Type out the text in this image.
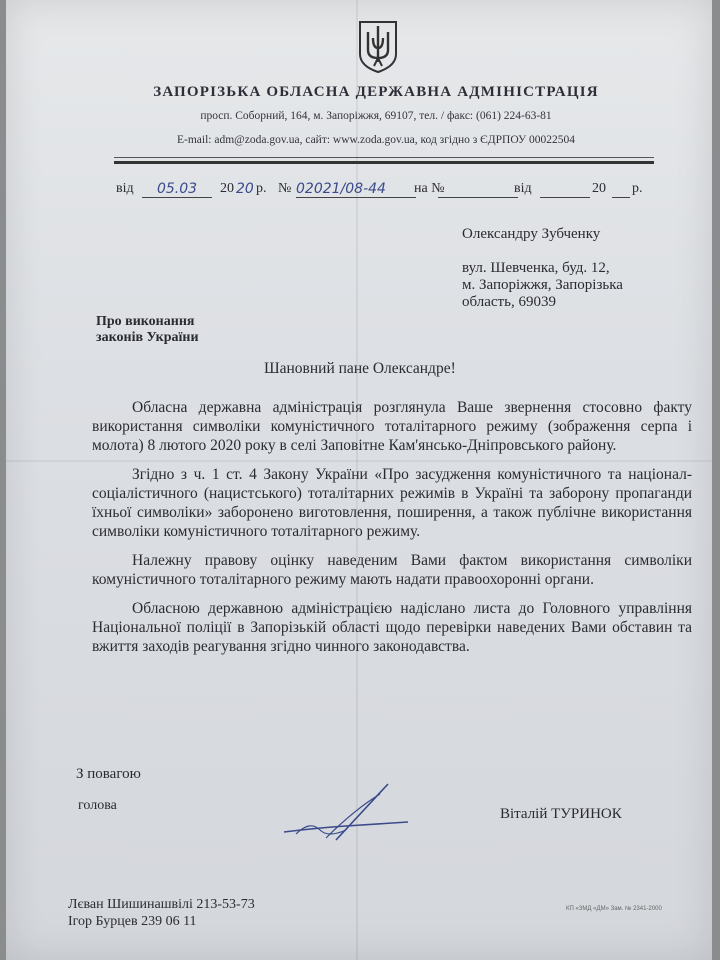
ЗАПОРІЗЬКА ОБЛАСНА ДЕРЖАВНА АДМІНІСТРАЦІЯ
просп. Соборний, 164, м. Запоріжжя, 69107, тел. / факс: (061) 224-63-81
E-mail: adm@zoda.gov.ua, сайт: www.zoda.gov.ua, код згідно з ЄДРПОУ 00022504
від	05.03	20 20 р. № 02021/08-44	на №	від	20 р.
Олександру Зубченку
вул. Шевченка, буд. 12,
м. Запоріжжя, Запорізька
область, 69039
Про виконання
законів України
Шановний пане Олександре!

Обласна державна адміністрація розглянула Ваше звернення стосовно факту використання символіки комуністичного тоталітарного режиму (зображення серпа і молота) 8 лютого 2020 року в селі Заповітне Кам'янсько-Дніпровського району.

Згідно з ч. 1 ст. 4 Закону України «Про засудження комуністичного та націонал-соціалістичного (нацистського) тоталітарних режимів в Україні та заборону пропаганди їхньої символіки» заборонено виготовлення, поширення, а також публічне використання символіки комуністичного тоталітарного режиму.

Належну правову оцінку наведеним Вами фактом використання символіки комуністичного тоталітарного режиму мають надати правоохоронні органи.

Обласною державною адміністрацією надіслано листа до Головного управління Національної поліції в Запорізькій області щодо перевірки наведених Вами обставин та вжиття заходів реагування згідно чинного законодавства.

З повагою
голова
Віталій ТУРИНОК
Лєван Шишинашвілі 213-53-73
Ігор Бурцев 239 06 11
КП «ЗМД «ДМ» Зам. № 2341-2000
